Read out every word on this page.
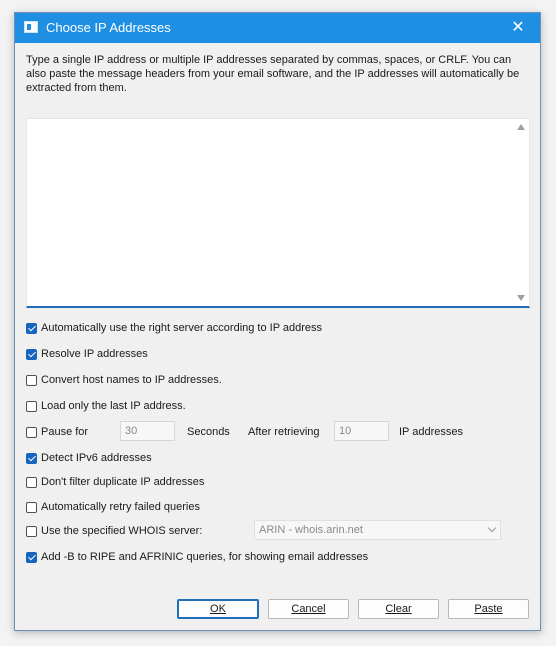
Choose IP Addresses	✕
Type a single IP address or multiple IP addresses separated by commas, spaces, or CRLF. You can also paste the message headers from your email software, and the IP addresses will automatically be extracted from them.
Automatically use the right server according to IP address
Resolve IP addresses
Convert host names to IP addresses.
Load only the last IP address.
Pause for	30	Seconds After retrieving	10	IP addresses
Detect IPv6 addresses
Don't filter duplicate IP addresses
Automatically retry failed queries
Use the specified WHOIS server:	ARIN - whois.arin.net
Add -B to RIPE and AFRINIC queries, for showing email addresses
OK	Cancel	Clear	Paste
